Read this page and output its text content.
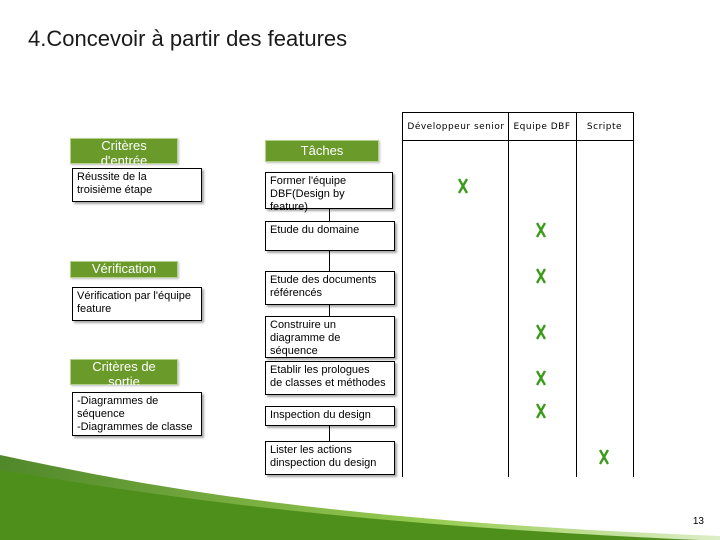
4.Concevoir à partir des features
Développeur senior Equipe DBF	Scripte
Critères
d'entrée
Réussite de la
troisième étape
Vérification
Vérification par l'équipe
feature
Critères de
sortie
-Diagrammes de
séquence
-Diagrammes de classe
Tâches
Former l'équipe
DBF(Design by
feature)
Etude du domaine
Etude des documents
référencés
Construire un
diagramme de
séquence
Etablir les prologues
de classes et méthodes
Inspection du design
Lister les actions
dinspection du design
13
